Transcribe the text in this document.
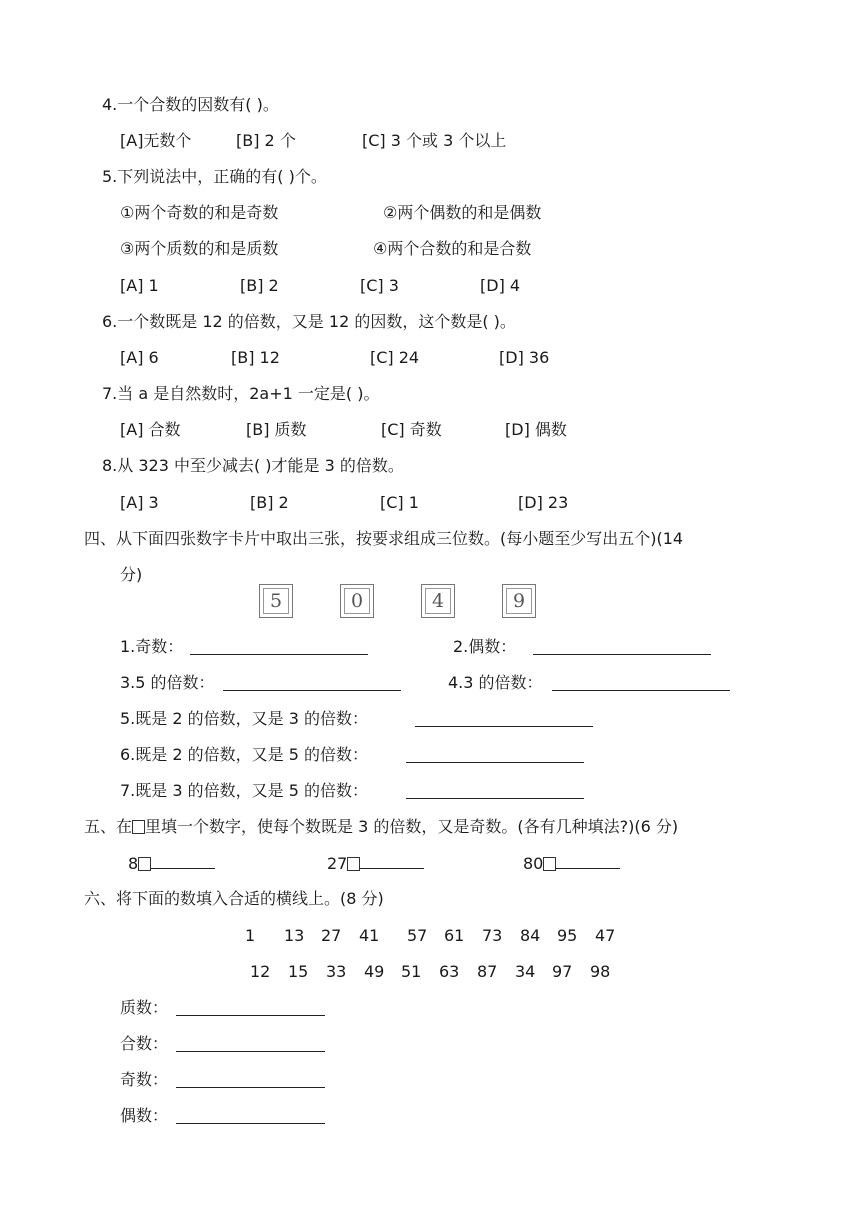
4.一个合数的因数有( )。
[A]无数个	[B] 2 个	[C] 3 个或 3 个以上
5.下列说法中，正确的有( )个。
①两个奇数的和是奇数	②两个偶数的和是偶数
③两个质数的和是质数	④两个合数的和是合数
[A] 1	[B] 2	[C] 3	[D] 4
6.一个数既是 12 的倍数，又是 12 的因数，这个数是( )。
[A] 6	[B] 12	[C] 24	[D] 36
7.当 a 是自然数时，2a+1 一定是( )。
[A] 合数	[B] 质数	[C] 奇数	[D] 偶数
8.从 323 中至少减去( )才能是 3 的倍数。
[A] 3	[B] 2	[C] 1	[D] 23
四、从下面四张数字卡片中取出三张，按要求组成三位数。(每小题至少写出五个)(14
分)
5	0	4	9
1.奇数：	2.偶数：
3.5 的倍数：	4.3 的倍数：
5.既是 2 的倍数，又是 3 的倍数：
6.既是 2 的倍数，又是 5 的倍数：
7.既是 3 的倍数，又是 5 的倍数：
五、在 里填一个数字，使每个数既是 3 的倍数，又是奇数。(各有几种填法?)(6 分)
8	27	80
六、将下面的数填入合适的横线上。(8 分)
1 13 27 41 57 61 73 84 95 47
12 15 33 49 51 63 87 34 97 98
质数：
合数：
奇数：
偶数：
